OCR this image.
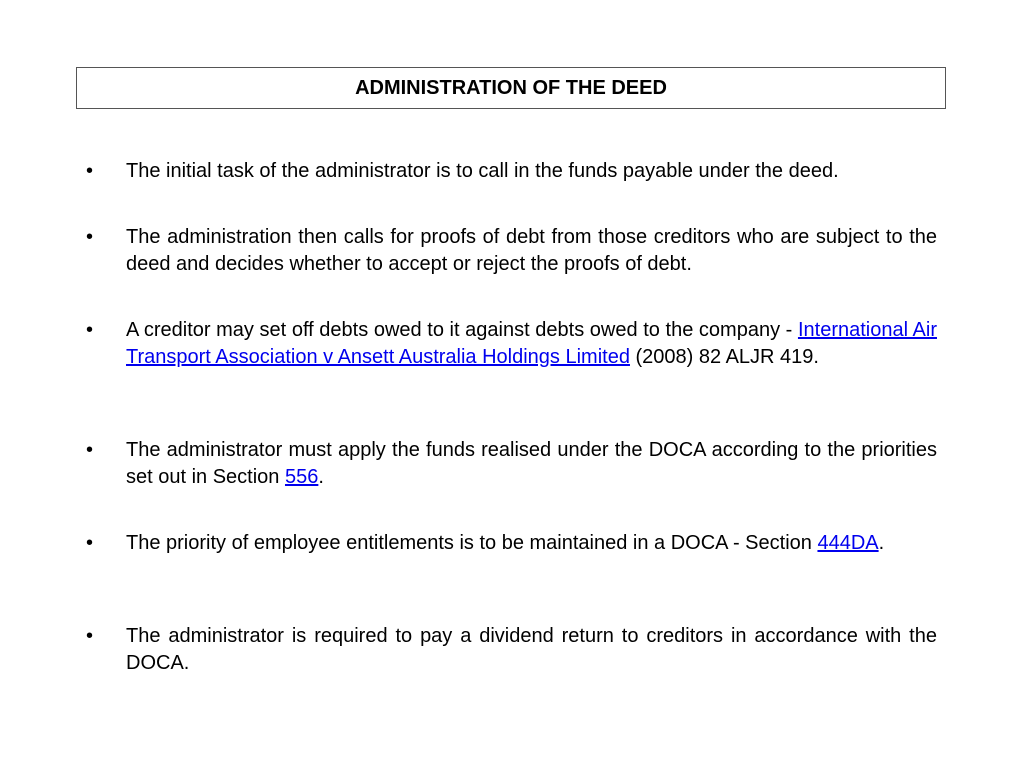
ADMINISTRATION OF THE DEED
•	The initial task of the administrator is to call in the funds payable under the deed.
•	The administration then calls for proofs of debt from those creditors who are subject to the deed and decides whether to accept or reject the proofs of debt.
•	A creditor may set off debts owed to it against debts owed to the company - International Air Transport Association v Ansett Australia Holdings Limited (2008) 82 ALJR 419.
•	The administrator must apply the funds realised under the DOCA according to the priorities set out in Section 556.
•	The priority of employee entitlements is to be maintained in a DOCA - Section 444DA.
•	The administrator is required to pay a dividend return to creditors in accordance with the DOCA.
